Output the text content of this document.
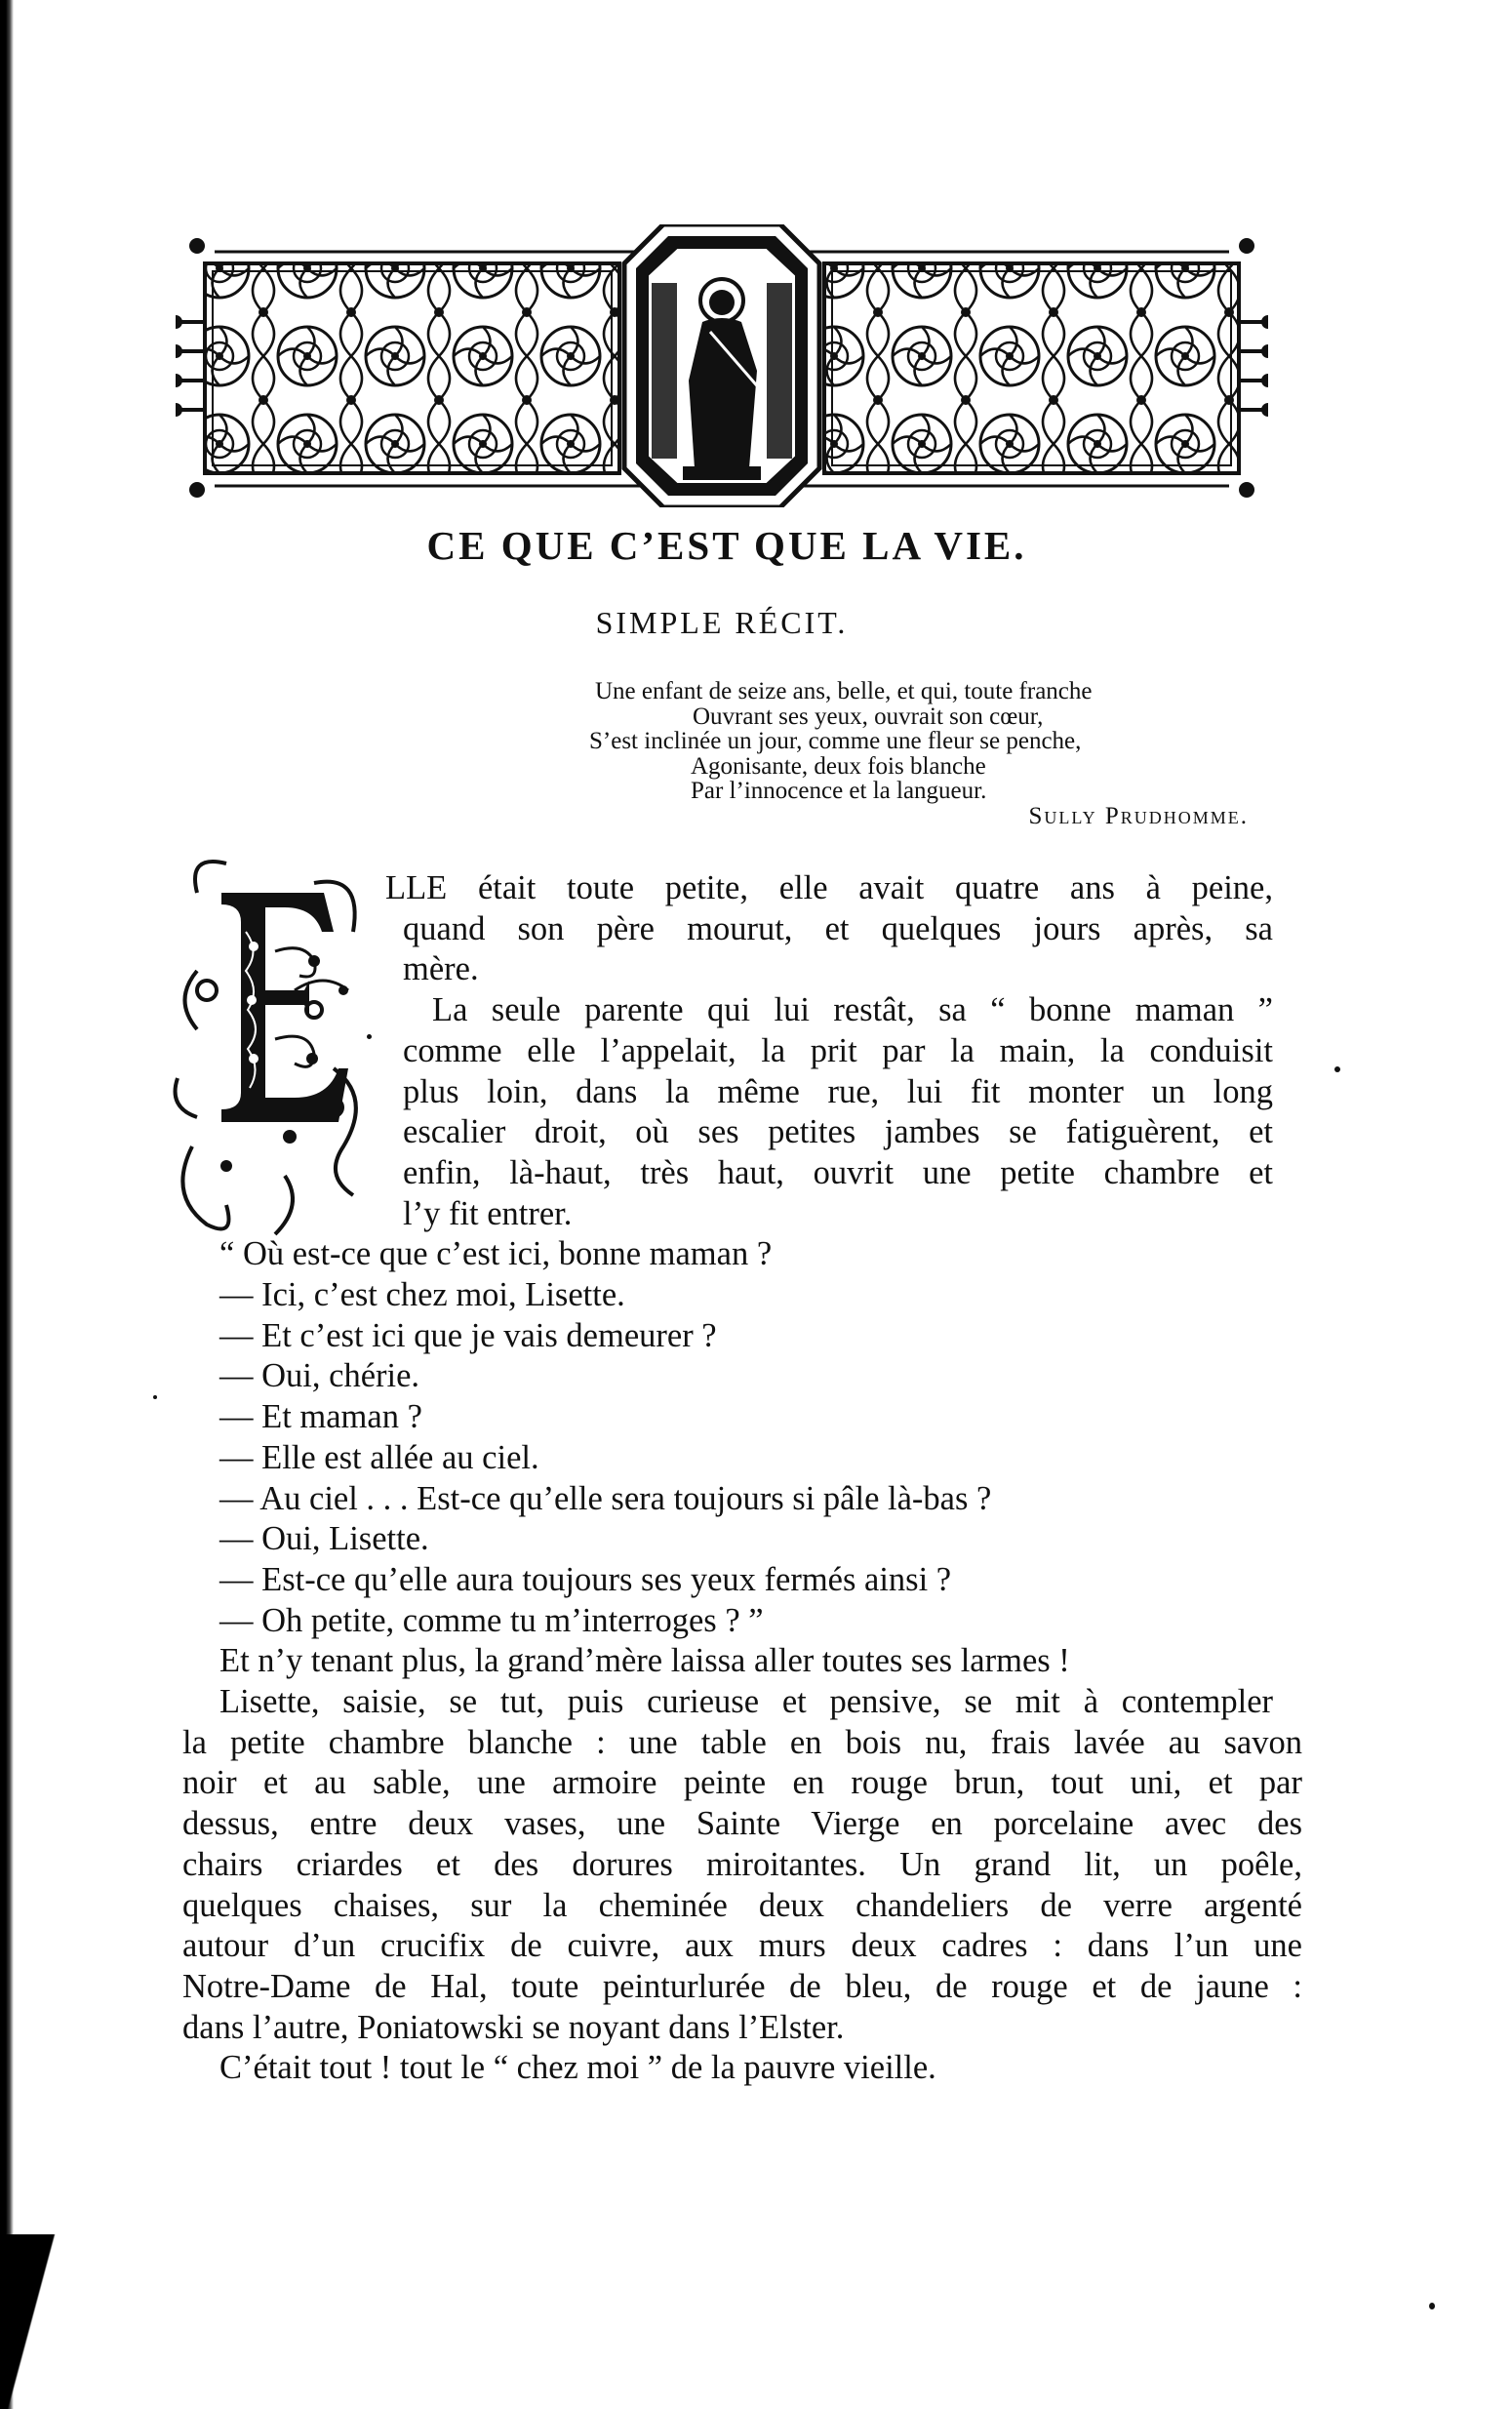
CE QUE C’EST QUE LA VIE.
SIMPLE RÉCIT.
Une enfant de seize ans, belle, et qui, toute franche
Ouvrant ses yeux, ouvrait son cœur,
S’est inclinée un jour, comme une fleur se penche,
Agonisante, deux fois blanche
Par l’innocence et la langueur.
Sully Prudhomme.
LLE était toute petite, elle avait quatre ans à peine,
quand son père mourut, et quelques jours après, sa
mère.
La seule parente qui lui restât, sa “ bonne maman ”
comme elle l’appelait, la prit par la main, la conduisit
plus loin, dans la même rue, lui fit monter un long
escalier droit, où ses petites jambes se fatiguèrent, et
enfin, là-haut, très haut, ouvrit une petite chambre et
l’y fit entrer.
“ Où est-ce que c’est ici, bonne maman ?
— Ici, c’est chez moi, Lisette.
— Et c’est ici que je vais demeurer ?
— Oui, chérie.
— Et maman ?
— Elle est allée au ciel.
— Au ciel . . . Est-ce qu’elle sera toujours si pâle là-bas ?
— Oui, Lisette.
— Est-ce qu’elle aura toujours ses yeux fermés ainsi ?
— Oh petite, comme tu m’interroges ? ”
Et n’y tenant plus, la grand’mère laissa aller toutes ses larmes !
Lisette, saisie, se tut, puis curieuse et pensive, se mit à contempler
la petite chambre blanche : une table en bois nu, frais lavée au savon
noir et au sable, une armoire peinte en rouge brun, tout uni, et par
dessus, entre deux vases, une Sainte Vierge en porcelaine avec des
chairs criardes et des dorures miroitantes. Un grand lit, un poêle,
quelques chaises, sur la cheminée deux chandeliers de verre argenté
autour d’un crucifix de cuivre, aux murs deux cadres : dans l’un une
Notre-Dame de Hal, toute peinturlurée de bleu, de rouge et de jaune :
dans l’autre, Poniatowski se noyant dans l’Elster.
C’était tout ! tout le “ chez moi ” de la pauvre vieille.
